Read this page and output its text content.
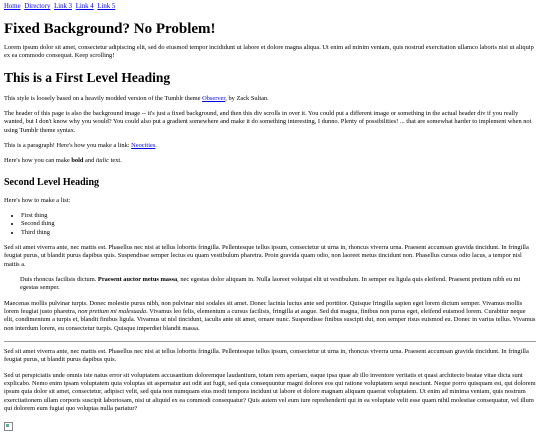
Home Directory Link 3 Link 4 Link 5
Fixed Background? No Problem!

Lorem ipsum dolor sit amet, consectetur adipiscing elit, sed do eiusmod tempor incididunt ut labore et dolore magna aliqua. Ut enim ad minim veniam, quis nostrud exercitation ullamco laboris nisi ut aliquip ex ea commodo consequat. Keep scrolling!

This is a First Level Heading

This style is loosely based on a heavily modded version of the Tumblr theme Observer, by Zack Sultan.

The header of this page is also the background image -- it's just a fixed background, and then this div scrolls in over it. You could put a different image or something in the actual header div if you really wanted, but I don't know why you would? You could also put a gradient somewhere and make it do something interesting, I dunno. Plenty of possibilities! ... that are somewhat harder to implement when not using Tumblr theme syntax.

This is a paragraph! Here's how you make a link: Neocities.

Here's how you can make bold and italic text.

Second Level Heading

Here's how to make a list:

• First thing
• Second thing
• Third thing

Sed sit amet viverra ante, nec mattis est. Phasellus nec nisi at tellus lobortis fringilla. Pellentesque tellus ipsum, consectetur ut urna in, rhoncus viverra urna. Praesent accumsan gravida tincidunt. In fringilla feugiat purus, ut blandit purus dapibus quis. Suspendisse semper lectus eu quam vestibulum pharetra. Proin gravida quam odio, non laoreet metus tincidunt non. Phasellus cursus odio lacus, a tempor nisl mattis a.

Duis rhoncus facilisis dictum. Praesent auctor metus massa, nec egestas dolor aliquam in. Nulla laoreet volutpat elit ut vestibulum. In semper eu ligula quis eleifend. Praesent pretium nibh eu mi egestas semper.

Maecenas mollis pulvinar turpis. Donec molestie purus nibh, non pulvinar nisi sodales sit amet. Donec lacinia luctus ante sed porttitor. Quisque fringilla sapien eget lorem dictum semper. Vivamus mollis lorem feugiat justo pharetra, non pretium mi malesuada. Vivamus leo felis, elementum a cursus facilisis, fringilla at augue. Sed dui magna, finibus non purus eget, eleifend euismod lorem. Curabitur neque elit, condimentum a turpis et, blandit finibus ligula. Vivamus ut nisl tincidunt, iaculis ante sit amet, ornare nunc. Suspendisse finibus suscipit dui, non semper risus euismod eu. Donec in varius tellus. Vivamus non interdum lorem, eu consectetur turpis. Quisque imperdiet blandit massa.

Sed sit amet viverra ante, nec mattis est. Phasellus nec nisi at tellus lobortis fringilla. Pellentesque tellus ipsum, consectetur ut urna in, rhoncus viverra urna. Praesent accumsan gravida tincidunt. In fringilla feugiat purus, ut blandit purus dapibus quis.

Sed ut perspiciatis unde omnis iste natus error sit voluptatem accusantium doloremque laudantium, totam rem aperiam, eaque ipsa quae ab illo inventore veritatis et quasi architecto beatae vitae dicta sunt explicabo. Nemo enim ipsam voluptatem quia voluptas sit aspernatur aut odit aut fugit, sed quia consequuntur magni dolores eos qui ratione voluptatem sequi nesciunt. Neque porro quisquam est, qui dolorem ipsum quia dolor sit amet, consectetur, adipisci velit, sed quia non numquam eius modi tempora incidunt ut labore et dolore magnam aliquam quaerat voluptatem. Ut enim ad minima veniam, quis nostrum exercitationem ullam corporis suscipit laboriosam, nisi ut aliquid ex ea commodi consequatur? Quis autem vel eum iure reprehenderit qui in ea voluptate velit esse quam nihil molestiae consequatur, vel illum qui dolorem eum fugiat quo voluptas nulla pariatur?
